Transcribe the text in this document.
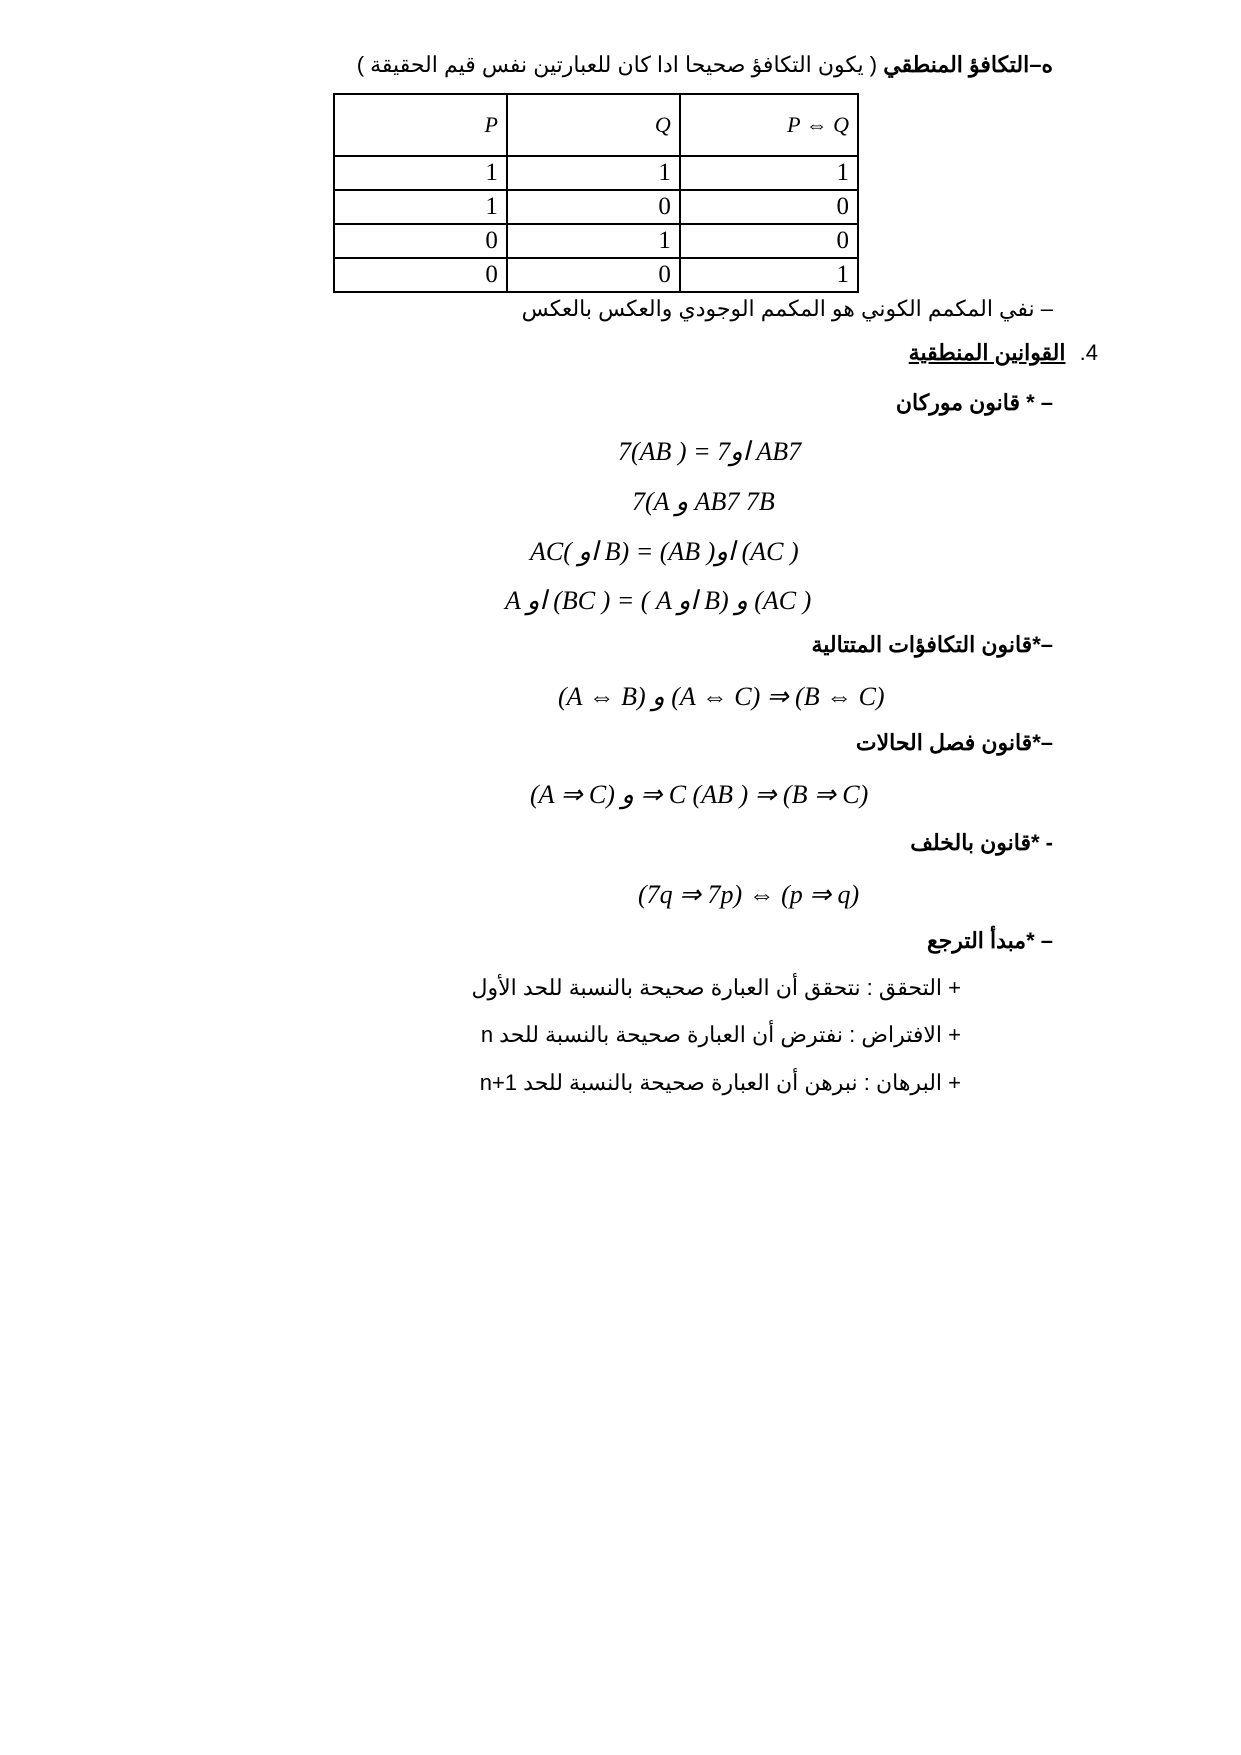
ه–التكافؤ المنطقي ( يكون التكافؤ صحيحا ادا كان للعبارتين نفس قيم الحقيقة )
P	Q	P ⇔ Q
1	1	1
1	0	0
0	1	0
0	0	1
– نفي المكمم الكوني هو المكمم الوجودي والعكس بالعكس
4. القوانين المنطقية
– * قانون موركان
7(AB ) = 7او AB7
7(A و AB7 7B
AC( او B) = (AB )او (AC )
A او (BC ) = ( A او B) و (AC )
–*قانون التكافؤات المتتالية
(A ⇔ B) و (A ⇔ C) ⇒ (B ⇔ C)
–*قانون فصل الحالات
(A ⇒ C) و ⇒ C (AB ) ⇒ (B ⇒ C)
- *قانون بالخلف
(7q ⇒ 7p) ⇔ (p ⇒ q)
– *مبدأ الترجع
+ التحقق : نتحقق أن العبارة صحيحة بالنسبة للحد الأول
+ الافتراض : نفترض أن العبارة صحيحة بالنسبة للحد n
+ البرهان : نبرهن أن العبارة صحيحة بالنسبة للحد n+1
